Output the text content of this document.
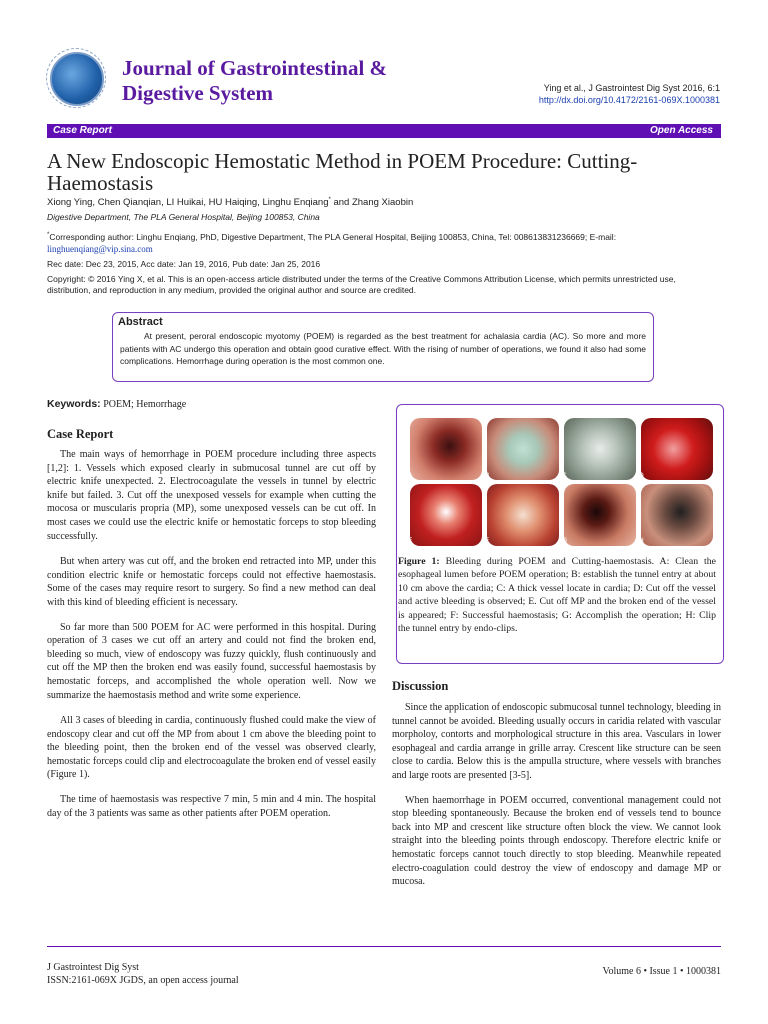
Journal of Gastrointestinal &
Digestive System	Ying et al., J Gastrointest Dig Syst 2016, 6:1
http://dx.doi.org/10.4172/2161-069X.1000381
Case Report	Open Access
A New Endoscopic Hemostatic Method in POEM Procedure: Cutting-Haemostasis
Xiong Ying, Chen Qianqian, LI Huikai, HU Haiqing, Linghu Enqiang* and Zhang Xiaobin
Digestive Department, The PLA General Hospital, Beijing 100853, China
*Corresponding author: Linghu Enqiang, PhD, Digestive Department, The PLA General Hospital, Beijing 100853, China, Tel: 008613831236669; E-mail:
linghuenqiang@vip.sina.com
Rec date: Dec 23, 2015, Acc date: Jan 19, 2016, Pub date: Jan 25, 2016
Copyright: © 2016 Ying X, et al. This is an open-access article distributed under the terms of the Creative Commons Attribution License, which permits unrestricted use, distribution, and reproduction in any medium, provided the original author and source are credited.
Abstract
At present, peroral endoscopic myotomy (POEM) is regarded as the best treatment for achalasia cardia (AC). So more and more patients with AC undergo this operation and obtain good curative effect. With the rising of number of operations, we found it also had some complications. Hemorrhage during operation is the most common one.
Keywords: POEM; Hemorrhage
Case Report

The main ways of hemorrhage in POEM procedure including three aspects [1,2]: 1. Vessels which exposed clearly in submucosal tunnel are cut off by electric knife unexpected. 2. Electrocoagulate the vessels in tunnel by electric knife but failed. 3. Cut off the unexposed vessels for example when cutting the mocosa or muscularis propria (MP), some unexposed vessels can be cut off. In most cases we could use the electric knife or hemostatic forceps to stop bleeding successfully.

But when artery was cut off, and the broken end retracted into MP, under this condition electric knife or hemostatic forceps could not effective haemostasis. Some of the cases may require resort to surgery. So find a new method can deal with this kind of bleeding efficient is necessary.

So far more than 500 POEM for AC were performed in this hospital. During operation of 3 cases we cut off an artery and could not find the broken end, bleeding so much, view of endoscopy was fuzzy quickly, flush continuously and cut off the MP then the broken end was easily found, successful haemostasis by hemostatic forceps, and accomplished the whole operation well. Now we summarize the haemostasis method and write some experience.

All 3 cases of bleeding in cardia, continuously flushed could make the view of endoscopy clear and cut off the MP from about 1 cm above the bleeding point to the bleeding point, then the broken end of the vessel was observed clearly, hemostatic forceps could clip and electrocoagulate the broken end of vessel easily (Figure 1).

The time of haemostasis was respective 7 min, 5 min and 4 min. The hospital day of the 3 patients was same as other patients after POEM operation.

A	B	C	D
E	F	G	H
Figure 1: Bleeding during POEM and Cutting-haemostasis. A: Clean the esophageal lumen before POEM operation; B: establish the tunnel entry at about 10 cm above the cardia; C: A thick vessel locate in cardia; D: Cut off the vessel and active bleeding is observed; E. Cut off MP and the broken end of the vessel is appeared; F: Successful haemostasis; G: Accomplish the operation; H: Clip the tunnel entry by endo-clips.
Discussion

Since the application of endoscopic submucosal tunnel technology, bleeding in tunnel cannot be avoided. Bleeding usually occurs in caridia related with vascular morpholoy, contorts and morphological structure in this area. Vasculars in lower esophageal and cardia arrange in grille array. Crescent like structure can be seen close to cardia. Below this is the ampulla structure, where vessels with branches and large roots are presented [3-5].

When haemorrhage in POEM occurred, conventional management could not stop bleeding spontaneously. Because the broken end of vessels tend to bounce back into MP and crescent like structure often block the view. We cannot look straight into the bleeding points through endoscopy. Therefore electric knife or hemostatic forceps cannot touch directly to stop bleeding. Meanwhile repeated electro-coagulation could destroy the view of endoscopy and damage MP or mucosa.

J Gastrointest Dig Syst
ISSN:2161-069X JGDS, an open access journal
Volume 6 • Issue 1 • 1000381
